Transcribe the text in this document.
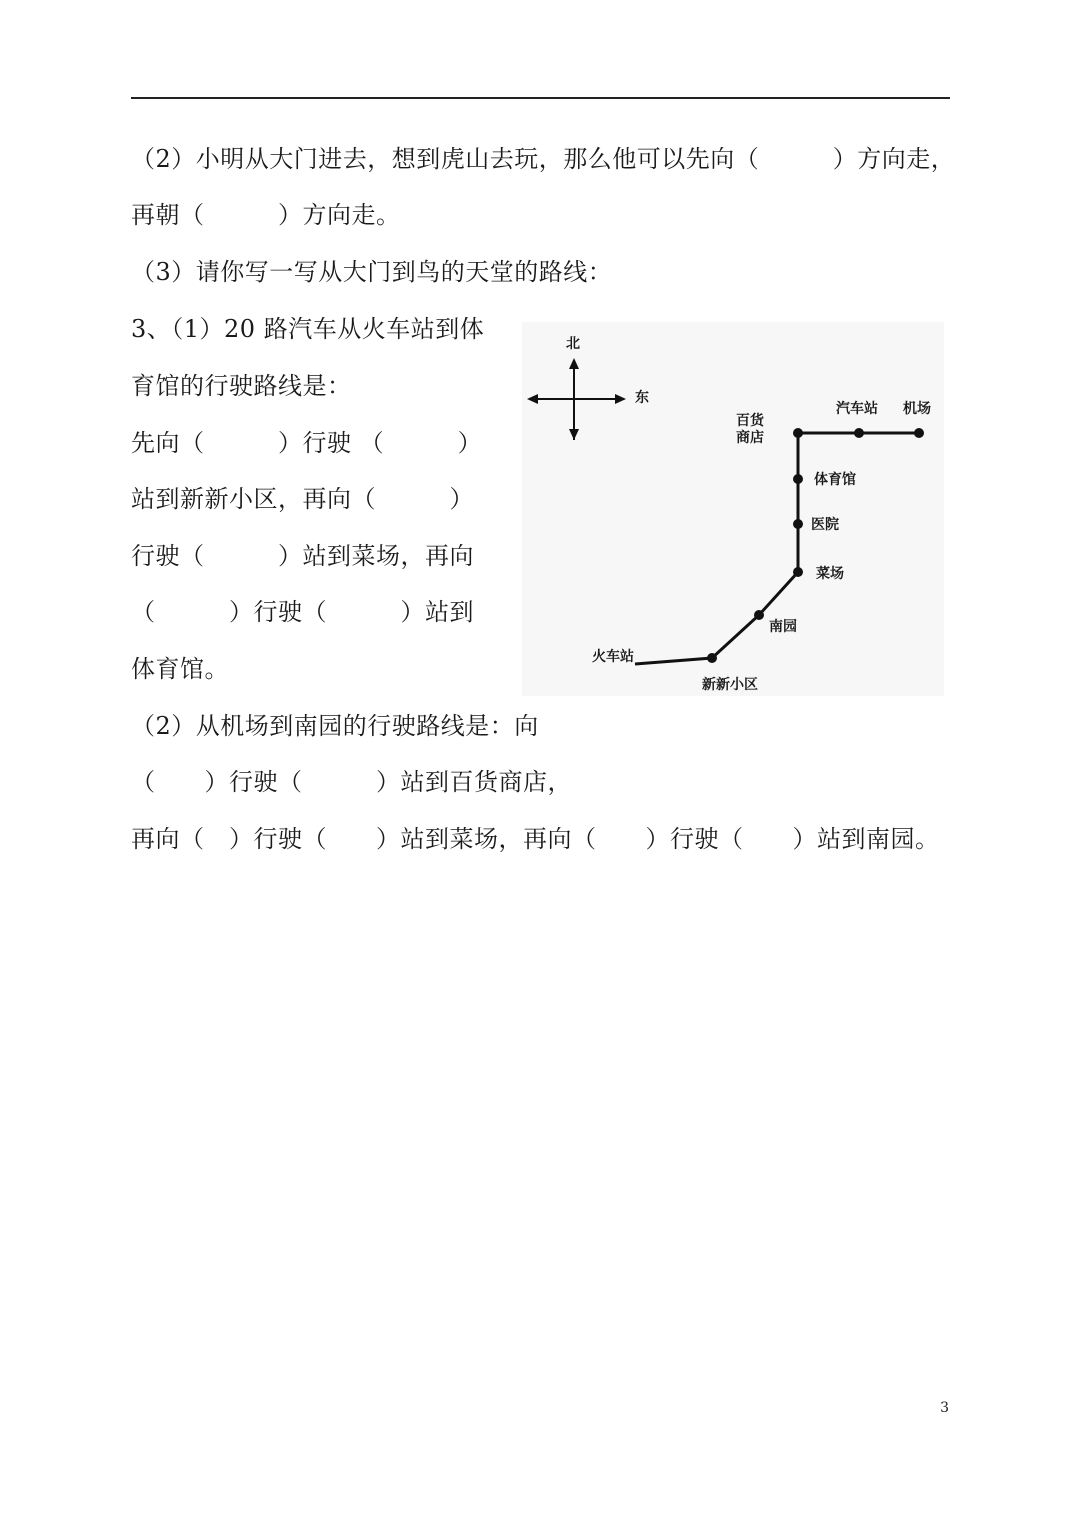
（2）小明从大门进去，想到虎山去玩，那么他可以先向（　　　）方向走，
再朝（　　　）方向走。
（3）请你写一写从大门到鸟的天堂的路线：
3、（1）20 路汽车从火车站到体
育馆的行驶路线是：
先向（　　　）行驶 （　　　）
站到新新小区，再向（　　　）
行驶（　　　）站到菜场，再向
（　　　）行驶（　　　）站到
体育馆。
（2）从机场到南园的行驶路线是：向
（　　）行驶（　　　）站到百货商店，
再向（　）行驶（　　）站到菜场，再向（　　）行驶（　　）站到南园。
北
东
火车站
新新小区
南园
菜场
医院
体育馆
百货
商店
汽车站 机场
3
